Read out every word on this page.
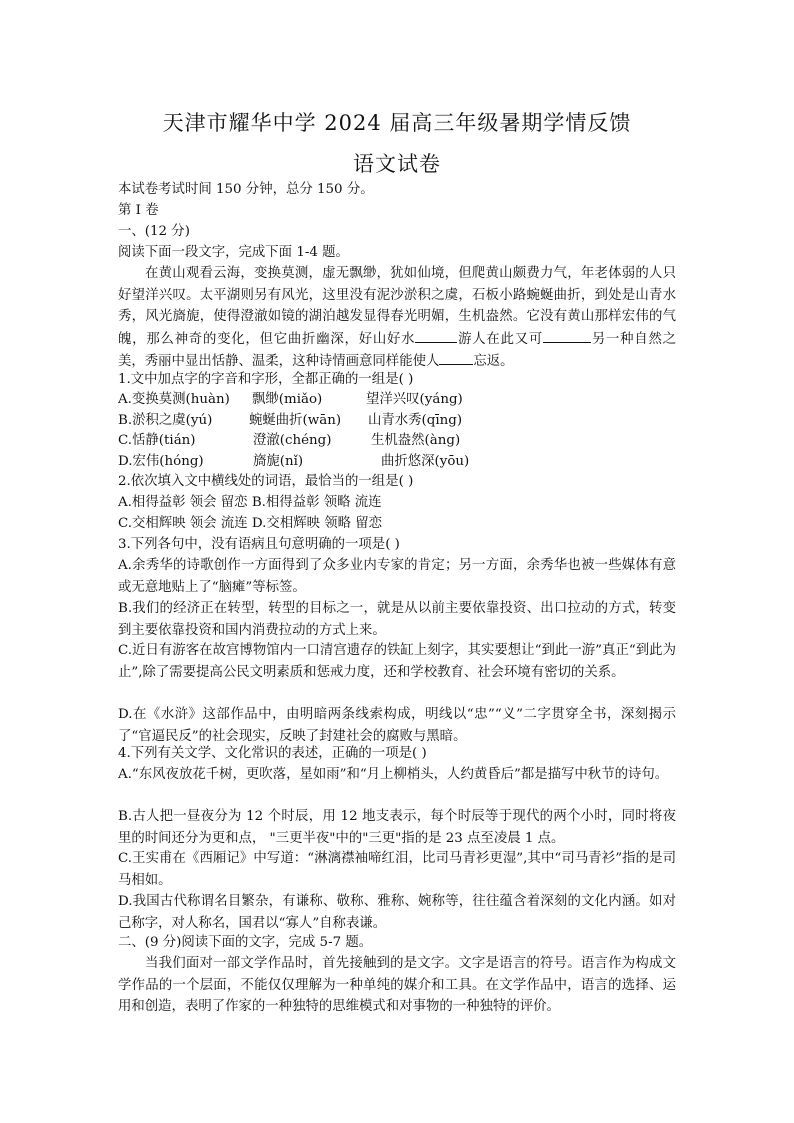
天津市耀华中学 2024 届高三年级暑期学情反馈
语文试卷
本试卷考试时间 150 分钟，总分 150 分。
第 I 卷
一、(12 分)
阅读下面一段文字，完成下面 1-4 题。
在黄山观看云海，变换莫测，虚无飘缈，犹如仙境，但爬黄山颇费力气，年老体弱的人只好望洋兴叹。太平湖则另有风光，这里没有泥沙淤积之虞，石板小路蜿蜒曲折，到处是山青水秀，风光旖旎，使得澄澈如镜的湖泊越发显得春光明媚，生机盎然。它没有黄山那样宏伟的气魄，那么神奇的变化，但它曲折幽深，好山好水	游人在此又可	另一种自然之美，秀丽中显出恬静、温柔，这种诗情画意同样能使人	忘返。
1.文中加点字的字音和字形，全都正确的一组是( )
A.变换莫测(huàn) 飘缈(miǎo)	望洋兴叹(yáng)
B.淤积之虞(yú)	蜿蜒曲折(wān) 山青水秀(qīng)
C.恬静(tián)	澄澈(chéng)	生机盎然(àng)
D.宏伟(hóng)	旖旎(nǐ)	曲折悠深(yōu)
2.依次填入文中横线处的词语，最恰当的一组是( )
A.相得益彰 领会 留恋 B.相得益彰 领略 流连
C.交相辉映 领会 流连 D.交相辉映 领略 留恋
3.下列各句中，没有语病且句意明确的一项是( )
A.余秀华的诗歌创作一方面得到了众多业内专家的肯定；另一方面，余秀华也被一些媒体有意或无意地贴上了“脑瘫”等标签。
B.我们的经济正在转型，转型的目标之一，就是从以前主要依靠投资、出口拉动的方式，转变到主要依靠投资和国内消费拉动的方式上来。
C.近日有游客在故宫博物馆内一口清宫遗存的铁缸上刻字，其实要想让“到此一游”真正“到此为止”,除了需要提高公民文明素质和惩戒力度，还和学校教育、社会环境有密切的关系。
D.在《水浒》这部作品中，由明暗两条线索构成，明线以“忠”“义”二字贯穿全书，深刻揭示了“官逼民反”的社会现实，反映了封建社会的腐败与黑暗。
4.下列有关文学、文化常识的表述，正确的一项是( )
A.“东风夜放花千树，更吹落，星如雨”和“月上柳梢头，人约黄昏后”都是描写中秋节的诗句。
B.古人把一昼夜分为 12 个时辰，用 12 地支表示，每个时辰等于现代的两个小时，同时将夜里的时间还分为更和点， "三更半夜"中的"三更"指的是 23 点至凌晨 1 点。
C.王实甫在《西厢记》中写道：“淋漓襟袖啼红泪，比司马青衫更湿”,其中“司马青衫”指的是司马相如。
D.我国古代称谓名目繁杂，有谦称、敬称、雅称、婉称等，往往蕴含着深刻的文化内涵。如对己称字，对人称名，国君以“寡人”自称表谦。
二、(9 分)阅读下面的文字，完成 5-7 题。
当我们面对一部文学作品时，首先接触到的是文字。文字是语言的符号。语言作为构成文学作品的一个层面，不能仅仅理解为一种单纯的媒介和工具。在文学作品中，语言的选择、运用和创造，表明了作家的一种独特的思维模式和对事物的一种独特的评价。
